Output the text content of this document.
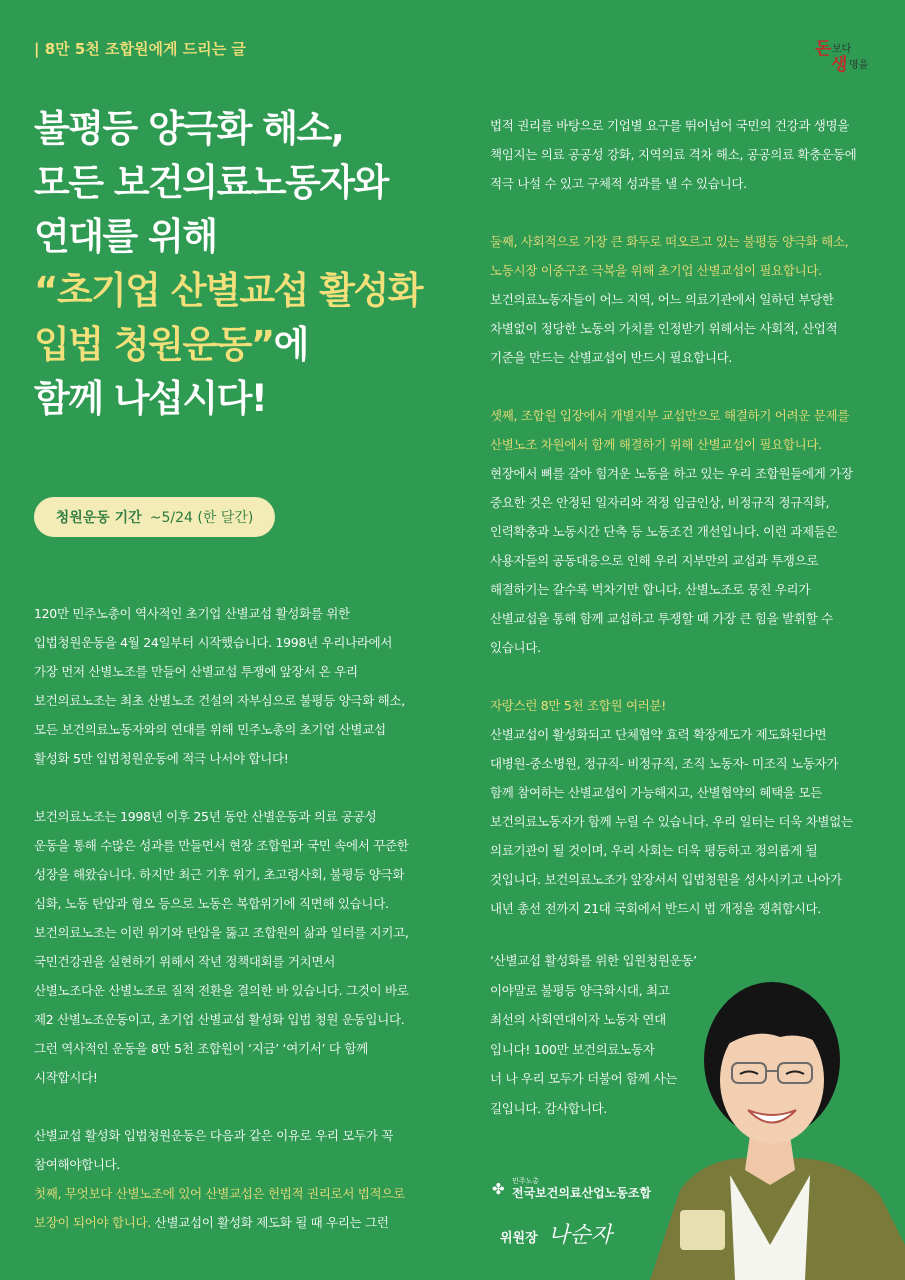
| 8만 5천 조합원에게 드리는 글	돈 보다
생 명을
불평등 양극화 해소,
모든 보건의료노동자와
연대를 위해
“초기업 산별교섭 활성화
입법 청원운동”에
함께 나섭시다!
청원운동 기간 ~5/24 (한 달간)

120만 민주노총이 역사적인 초기업 산별교섭 활성화를 위한

입법청원운동을 4월 24일부터 시작했습니다. 1998년 우리나라에서

가장 먼저 산별노조를 만들어 산별교섭 투쟁에 앞장서 온 우리

보건의료노조는 최초 산별노조 건설의 자부심으로 불평등 양극화 해소,

모든 보건의료노동자와의 연대를 위해 민주노총의 초기업 산별교섭

활성화 5만 입법청원운동에 적극 나서야 합니다!

보건의료노조는 1998년 이후 25년 동안 산별운동과 의료 공공성

운동을 통해 수많은 성과를 만들면서 현장 조합원과 국민 속에서 꾸준한

성장을 해왔습니다. 하지만 최근 기후 위기, 초고령사회, 불평등 양극화

심화, 노동 탄압과 혐오 등으로 노동은 복합위기에 직면해 있습니다.

보건의료노조는 이런 위기와 탄압을 뚫고 조합원의 삶과 일터를 지키고,

국민건강권을 실현하기 위해서 작년 정책대회를 거치면서

산별노조다운 산별노조로 질적 전환을 결의한 바 있습니다. 그것이 바로

제2 산별노조운동이고, 초기업 산별교섭 활성화 입법 청원 운동입니다.

그런 역사적인 운동을 8만 5천 조합원이 ‘지금’ ‘여기서’ 다 함께

시작합시다!

산별교섭 활성화 입법청원운동은 다음과 같은 이유로 우리 모두가 꼭

참여해야합니다.

첫째, 무엇보다 산별노조에 있어 산별교섭은 헌법적 권리로서 법적으로

보장이 되어야 합니다. 산별교섭이 활성화 제도화 될 때 우리는 그런

법적 권리를 바탕으로 기업별 요구를 뛰어넘어 국민의 건강과 생명을

책임지는 의료 공공성 강화, 지역의료 격차 해소, 공공의료 확충운동에

적극 나설 수 있고 구체적 성과를 낼 수 있습니다.

둘째, 사회적으로 가장 큰 화두로 떠오르고 있는 불평등 양극화 해소,

노동시장 이중구조 극복을 위해 초기업 산별교섭이 필요합니다.

보건의료노동자들이 어느 지역, 어느 의료기관에서 일하던 부당한

차별없이 정당한 노동의 가치를 인정받기 위해서는 사회적, 산업적

기준을 만드는 산별교섭이 반드시 필요합니다.

셋째, 조합원 입장에서 개별지부 교섭만으로 해결하기 어려운 문제를

산별노조 차원에서 함께 해결하기 위해 산별교섭이 필요합니다.

현장에서 뼈를 갈아 힘겨운 노동을 하고 있는 우리 조합원들에게 가장

중요한 것은 안정된 일자리와 적정 임금인상, 비정규직 정규직화,

인력확충과 노동시간 단축 등 노동조건 개선입니다. 이런 과제들은

사용자들의 공동대응으로 인해 우리 지부만의 교섭과 투쟁으로

해결하기는 갈수록 벅차기만 합니다. 산별노조로 뭉친 우리가

산별교섭을 통해 함께 교섭하고 투쟁할 때 가장 큰 힘을 발휘할 수

있습니다.

자랑스런 8만 5천 조합원 여러분!

산별교섭이 활성화되고 단체협약 효력 확장제도가 제도화된다면

대병원-중소병원, 정규직- 비정규직, 조직 노동자- 미조직 노동자가

함께 참여하는 산별교섭이 가능해지고, 산별협약의 혜택을 모든

보건의료노동자가 함께 누릴 수 있습니다. 우리 일터는 더욱 차별없는

의료기관이 될 것이며, 우리 사회는 더욱 평등하고 정의롭게 될

것입니다. 보건의료노조가 앞장서서 입법청원을 성사시키고 나아가

내년 총선 전까지 21대 국회에서 반드시 법 개정을 쟁취합시다.

‘산별교섭 활성화를 위한 입원청원운동’

이야말로 불평등 양극화시대, 최고

최선의 사회연대이자 노동자 연대

입니다! 100만 보건의료노동자

너 나 우리 모두가 더불어 함께 사는

길입니다. 감사합니다.

✤	민주노총
전국보건의료산업노동조합
위원장 나순자
